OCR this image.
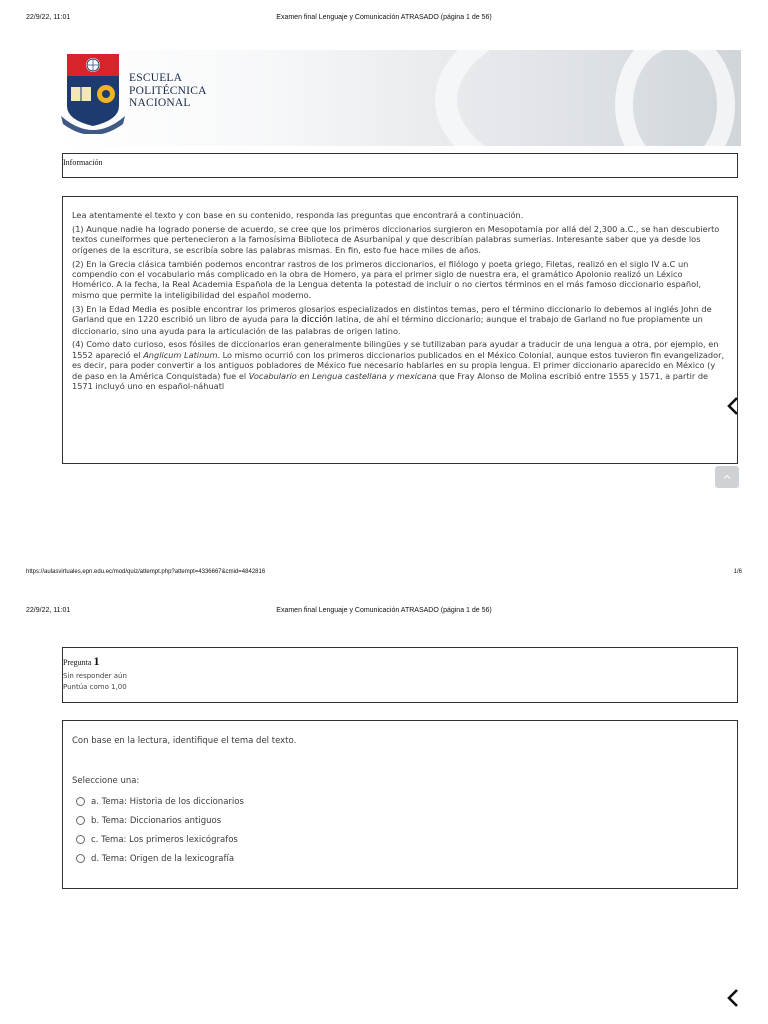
22/9/22, 11:01	Examen final Lenguaje y Comunicación ATRASADO (página 1 de 56)
ESCUELA
POLITÉCNICA
NACIONAL
Información

Lea atentamente el texto y con base en su contenido, responda las preguntas que encontrará a continuación.

(1) Aunque nadie ha logrado ponerse de acuerdo, se cree que los primeros diccionarios surgieron en Mesopotamia por allá del 2,300 a.C., se han descubierto textos cuneiformes que pertenecieron a la famosísima Biblioteca de Asurbanipal y que describían palabras sumerias. Interesante saber que ya desde los orígenes de la escritura, se escribía sobre las palabras mismas. En fin, esto fue hace miles de años.

(2) En la Grecia clásica también podemos encontrar rastros de los primeros diccionarios, el filólogo y poeta griego, Filetas, realizó en el siglo IV a.C un compendio con el vocabulario más complicado en la obra de Homero, ya para el primer siglo de nuestra era, el gramático Apolonio realizó un Léxico Homérico. A la fecha, la Real Academia Española de la Lengua detenta la potestad de incluir o no ciertos términos en el más famoso diccionario español, mismo que permite la inteligibilidad del español moderno.

(3) En la Edad Media es posible encontrar los primeros glosarios especializados en distintos temas, pero el término diccionario lo debemos al inglés John de Garland que en 1220 escribió un libro de ayuda para la dicción latina, de ahí el término diccionario; aunque el trabajo de Garland no fue propiamente un diccionario, sino una ayuda para la articulación de las palabras de origen latino.

(4) Como dato curioso, esos fósiles de diccionarios eran generalmente bilingües y se tutilizaban para ayudar a traducir de una lengua a otra, por ejemplo, en 1552 apareció el Anglicum Latinum. Lo mismo ocurrió con los primeros diccionarios publicados en el México Colonial, aunque estos tuvieron fin evangelizador, es decir, para poder convertir a los antiguos pobladores de México fue necesario hablarles en su propia lengua. El primer diccionario aparecido en México (y de paso en la América Conquistada) fue el Vocabulario en Lengua castellana y mexicana que Fray Alonso de Molina escribió entre 1555 y 1571, a partir de 1571 incluyó uno en español-náhuatl

https://aulasvirtuales.epn.edu.ec/mod/quiz/attempt.php?attempt=4336667&cmid=4842816	1/6
22/9/22, 11:01	Examen final Lenguaje y Comunicación ATRASADO (página 1 de 56)
Pregunta 1
Sin responder aún
Puntúa como 1,00
Con base en la lectura, identifique el tema del texto.
Seleccione una:
a. Tema: Historia de los diccionarios
b. Tema: Diccionarios antiguos
c. Tema: Los primeros lexicógrafos
d. Tema: Origen de la lexicografía
